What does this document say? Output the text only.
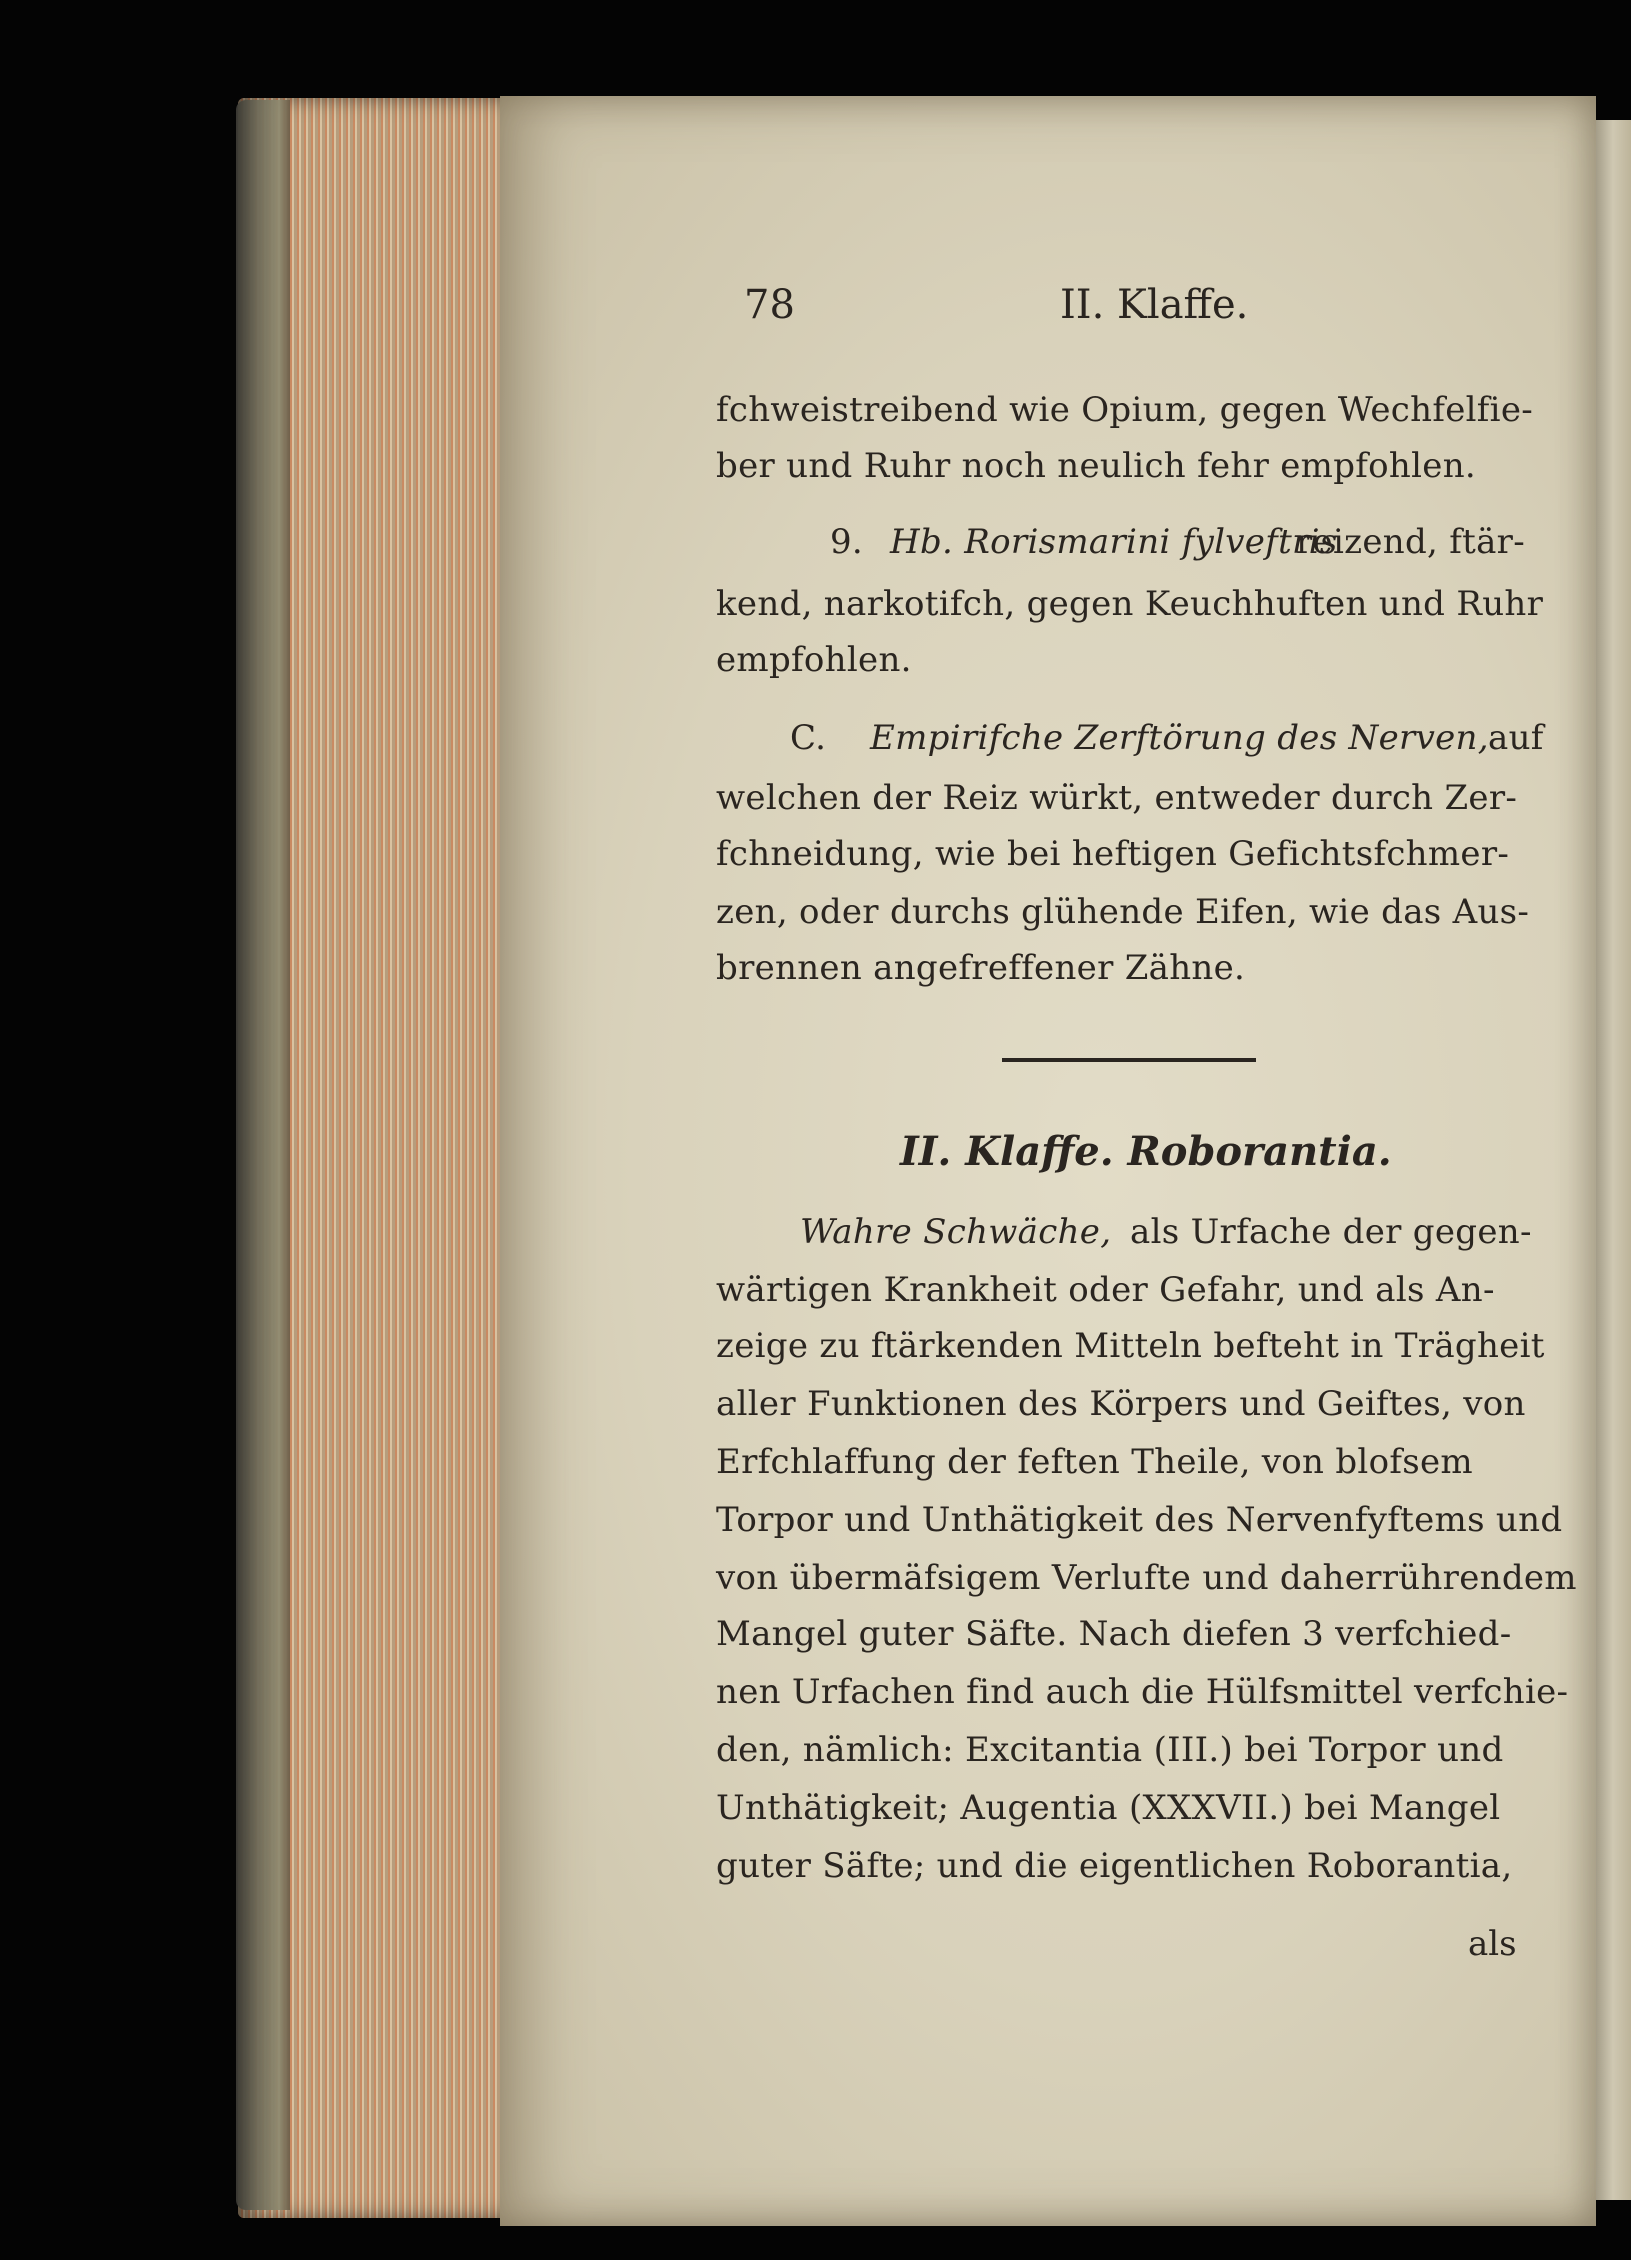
78	II. Klaffe.
fchweistreibend wie Opium, gegen Wechfelfie-
ber und Ruhr noch neulich fehr empfohlen.
9. Hb. Rorismarini fylveftris
reizend, ftär-
kend, narkotifch, gegen Keuchhuften und Ruhr
empfohlen.
C. Empirifche Zerftörung des Nerven, auf
welchen der Reiz würkt, entweder durch Zer-
fchneidung, wie bei heftigen Gefichtsfchmer-
zen, oder durchs glühende Eifen, wie das Aus-
brennen angefreffener Zähne.
II. Klaffe. Roborantia.
Wahre Schwäche, als Urfache der gegen-
wärtigen Krankheit oder Gefahr, und als An-
zeige zu ftärkenden Mitteln befteht in Trägheit
aller Funktionen des Körpers und Geiftes, von
Erfchlaffung der feften Theile, von blofsem
Torpor und Unthätigkeit des Nervenfyftems und
von übermäfsigem Verlufte und daherrührendem
Mangel guter Säfte. Nach diefen 3 verfchied-
nen Urfachen find auch die Hülfsmittel verfchie-
den, nämlich: Excitantia (III.) bei Torpor und
Unthätigkeit; Augentia (XXXVII.) bei Mangel
guter Säfte; und die eigentlichen Roborantia,
als
